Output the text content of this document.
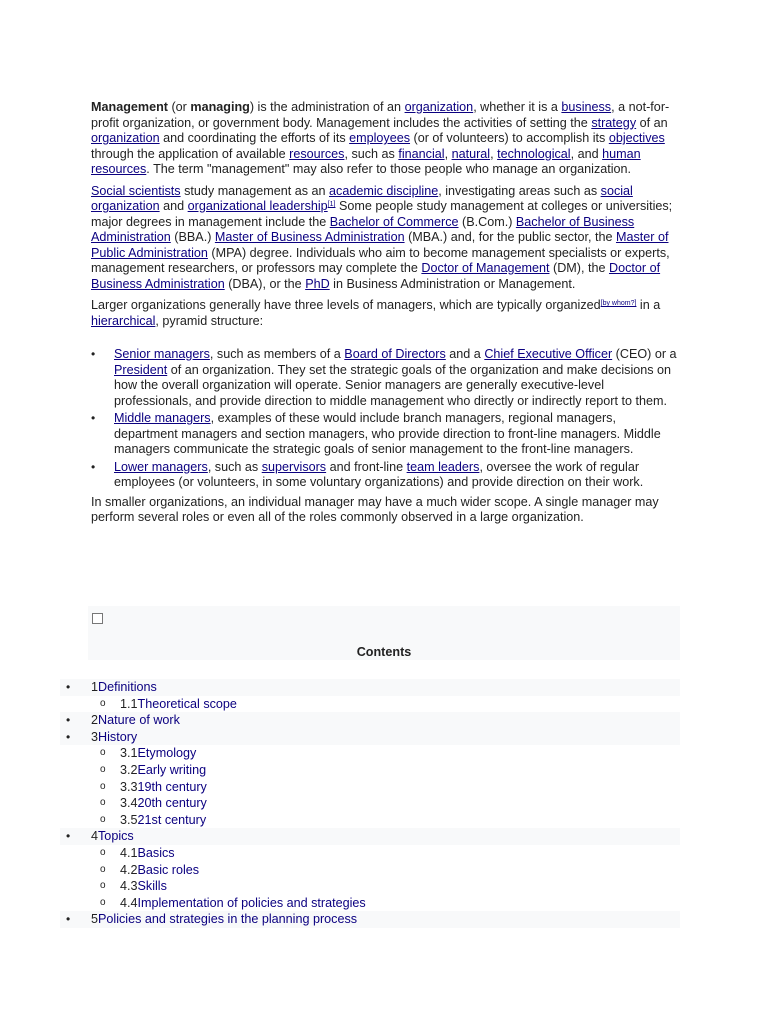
Management (or managing) is the administration of an organization, whether it is a business, a not-for-profit organization, or government body. Management includes the activities of setting the strategy of an organization and coordinating the efforts of its employees (or of volunteers) to accomplish its objectives through the application of available resources, such as financial, natural, technological, and human resources. The term "management" may also refer to those people who manage an organization.

Social scientists study management as an academic discipline, investigating areas such as social organization and organizational leadership[1] Some people study management at colleges or universities; major degrees in management include the Bachelor of Commerce (B.Com.) Bachelor of Business Administration (BBA.) Master of Business Administration (MBA.) and, for the public sector, the Master of Public Administration (MPA) degree. Individuals who aim to become management specialists or experts, management researchers, or professors may complete the Doctor of Management (DM), the Doctor of Business Administration (DBA), or the PhD in Business Administration or Management.

Larger organizations generally have three levels of managers, which are typically organized[by whom?] in a hierarchical, pyramid structure:

• Senior managers, such as members of a Board of Directors and a Chief Executive Officer (CEO) or a President of an organization. They set the strategic goals of the organization and make decisions on how the overall organization will operate. Senior managers are generally executive-level professionals, and provide direction to middle management who directly or indirectly report to them.
• Middle managers, examples of these would include branch managers, regional managers, department managers and section managers, who provide direction to front-line managers. Middle managers communicate the strategic goals of senior management to the front-line managers.
• Lower managers, such as supervisors and front-line team leaders, oversee the work of regular employees (or volunteers, in some voluntary organizations) and provide direction on their work.

In smaller organizations, an individual manager may have a much wider scope. A single manager may perform several roles or even all of the roles commonly observed in a large organization.

Contents
• 1Definitions
o 1.1Theoretical scope
• 2Nature of work
• 3History
o 3.1Etymology
o 3.2Early writing
o 3.319th century
o 3.420th century
o 3.521st century
• 4Topics
o 4.1Basics
o 4.2Basic roles
o 4.3Skills
o 4.4Implementation of policies and strategies
• 5Policies and strategies in the planning process
